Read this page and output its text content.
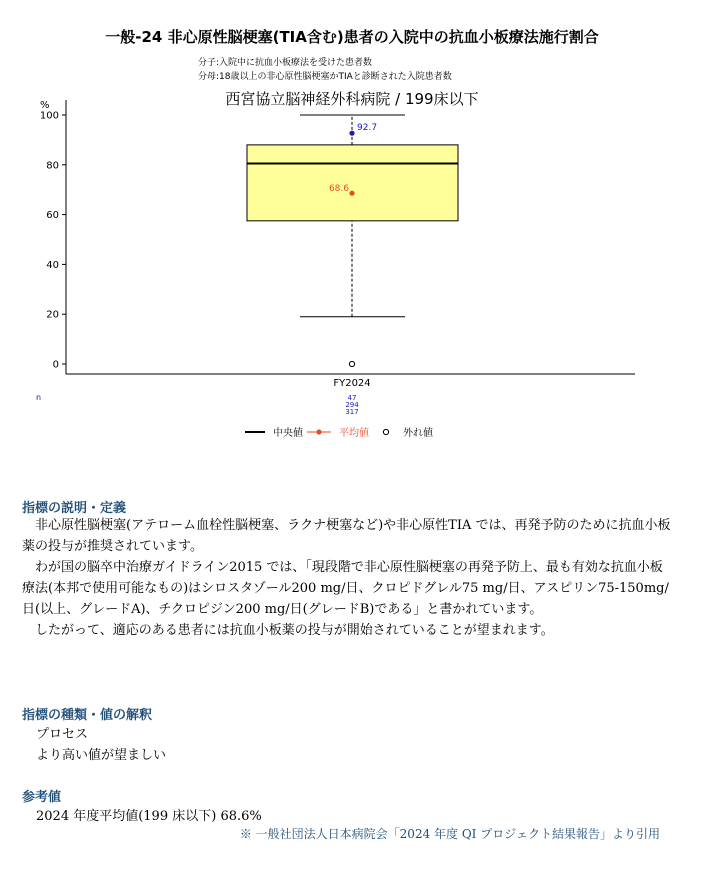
一般-24 非心原性脳梗塞(TIA含む)患者の入院中の抗血小板療法施行割合
分子:入院中に抗血小板療法を受けた患者数
分母:18歳以上の非心原性脳梗塞かTIAと診断された入院患者数
西宮協立脳神経外科病院 / 199床以下
%
0
20
40
60
80
100
68.6
92.7
FY2024
n	47
294
317
中央値	平均値	外れ値
指標の説明・定義

非心原性脳梗塞(アテローム血栓性脳梗塞、ラクナ梗塞など)や非心原性TIA では、再発予防のために抗血小板薬の投与が推奨されています。

わが国の脳卒中治療ガイドライン2015 では、「現段階で非心原性脳梗塞の再発予防上、最も有効な抗血小板療法(本邦で使用可能なもの)はシロスタゾール200 mg/日、クロピドグレル75 mg/日、アスピリン75-150mg/日(以上、グレードA)、チクロピジン200 mg/日(グレードB)である」と書かれています。

したがって、適応のある患者には抗血小板薬の投与が開始されていることが望まれます。

指標の種類・値の解釈
プロセス
より高い値が望ましい
参考値
2024 年度平均値(199 床以下) 68.6%
※ 一般社団法人日本病院会「2024 年度 QI プロジェクト結果報告」より引用
